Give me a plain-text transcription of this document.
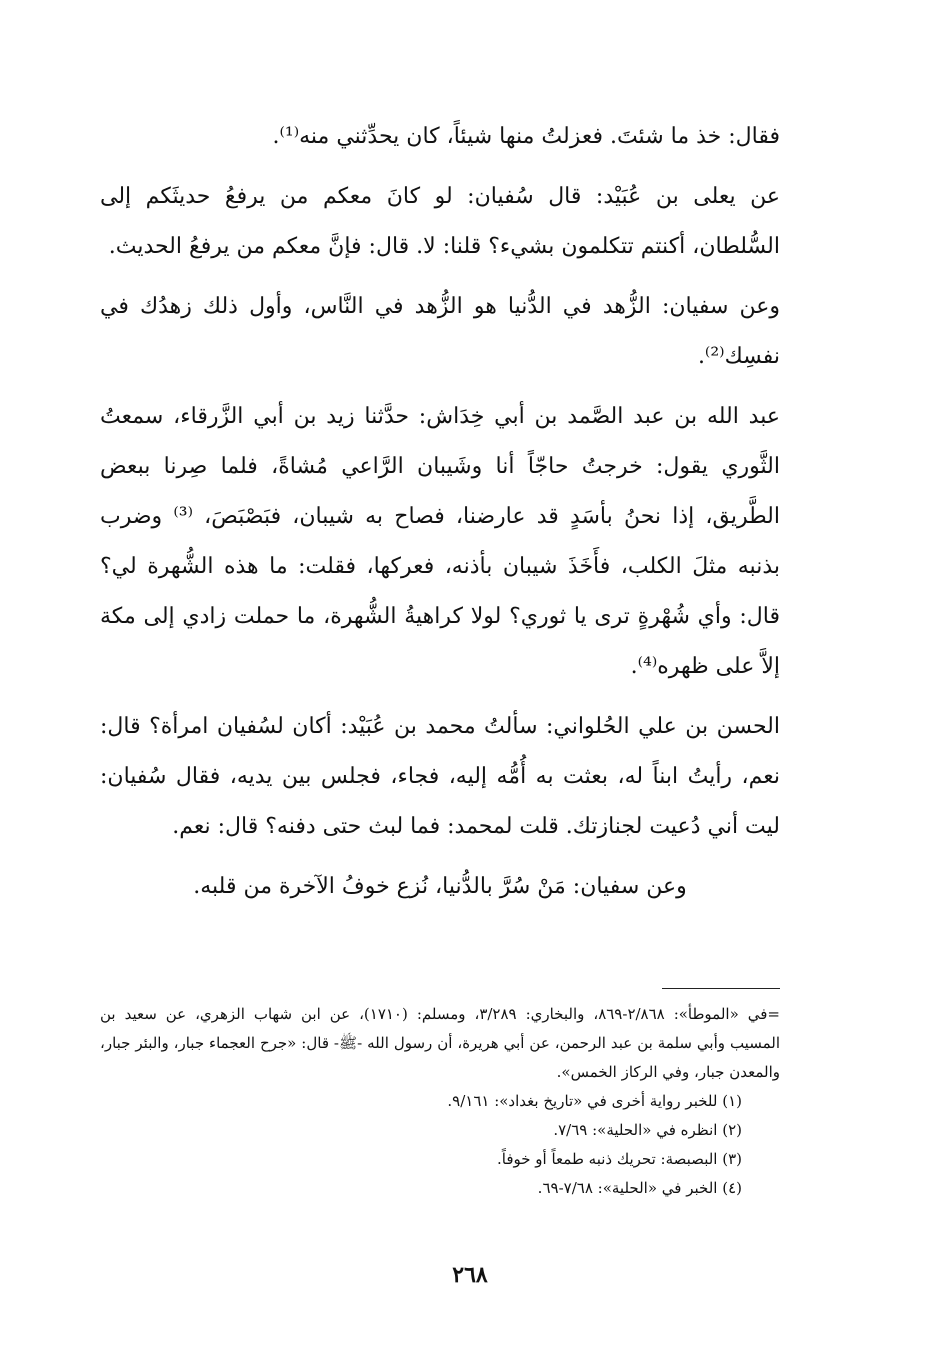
فقال: خذ ما شئتَ. فعزلتُ منها شيئاً، كان يحدِّثني منه⁽¹⁾.

عن يعلى بن عُبَيْد: قال سُفيان: لو كانَ معكم من يرفعُ حديثَكم إلى السُّلطان، أكنتم تتكلمون بشيء؟ قلنا: لا. قال: فإنَّ معكم من يرفعُ الحديث.

وعن سفيان: الزُّهد في الدُّنيا هو الزُّهد في النَّاس، وأول ذلك زهدُك في نفسِك⁽²⁾.

عبد الله بن عبد الصَّمد بن أبي خِدَاش: حدَّثنا زيد بن أبي الزَّرقاء، سمعتُ الثَّوري يقول: خرجتُ حاجّاً أنا وشَيبان الرَّاعي مُشاةً، فلما صِرنا ببعض الطَّريق، إذا نحنُ بأسَدٍ قد عارضنا، فصاح به شيبان، فبَصْبَصَ، ⁽³⁾ وضرب بذنبه مثلَ الكلب، فأَخَذَ شيبان بأذنه، فعركها، فقلت: ما هذه الشُّهرة لي؟ قال: وأي شُهْرةٍ ترى يا ثوري؟ لولا كراهيةُ الشُّهرة، ما حملت زادي إلى مكة إلاَّ على ظهره⁽⁴⁾.

الحسن بن علي الحُلواني: سألتُ محمد بن عُبَيْد: أكان لسُفيان امرأة؟ قال: نعم، رأيتُ ابناً له، بعثت به أُمُّه إليه، فجاء، فجلس بين يديه، فقال سُفيان: ليت أني دُعيت لجنازتك. قلت لمحمد: فما لبث حتى دفنه؟ قال: نعم.

وعن سفيان: مَنْ سُرَّ بالدُّنيا، نُزع خوفُ الآخرة من قلبه.

=في «الموطأ»: ٢/٨٦٨-٨٦٩، والبخاري: ٣/٢٨٩، ومسلم: (١٧١٠)، عن ابن شهاب الزهري، عن سعيد بن المسيب وأبي سلمة بن عبد الرحمن، عن أبي هريرة، أن رسول الله -ﷺ- قال: «جرح العجماء جبار، والبئر جبار، والمعدن جبار، وفي الركاز الخمس».

(١) للخبر رواية أخرى في «تاريخ بغداد»: ٩/١٦١.

(٢) انظره في «الحلية»: ٧/٦٩.

(٣) البصبصة: تحريك ذنبه طمعاً أو خوفاً.

(٤) الخبر في «الحلية»: ٧/٦٨-٦٩.

٢٦٨
